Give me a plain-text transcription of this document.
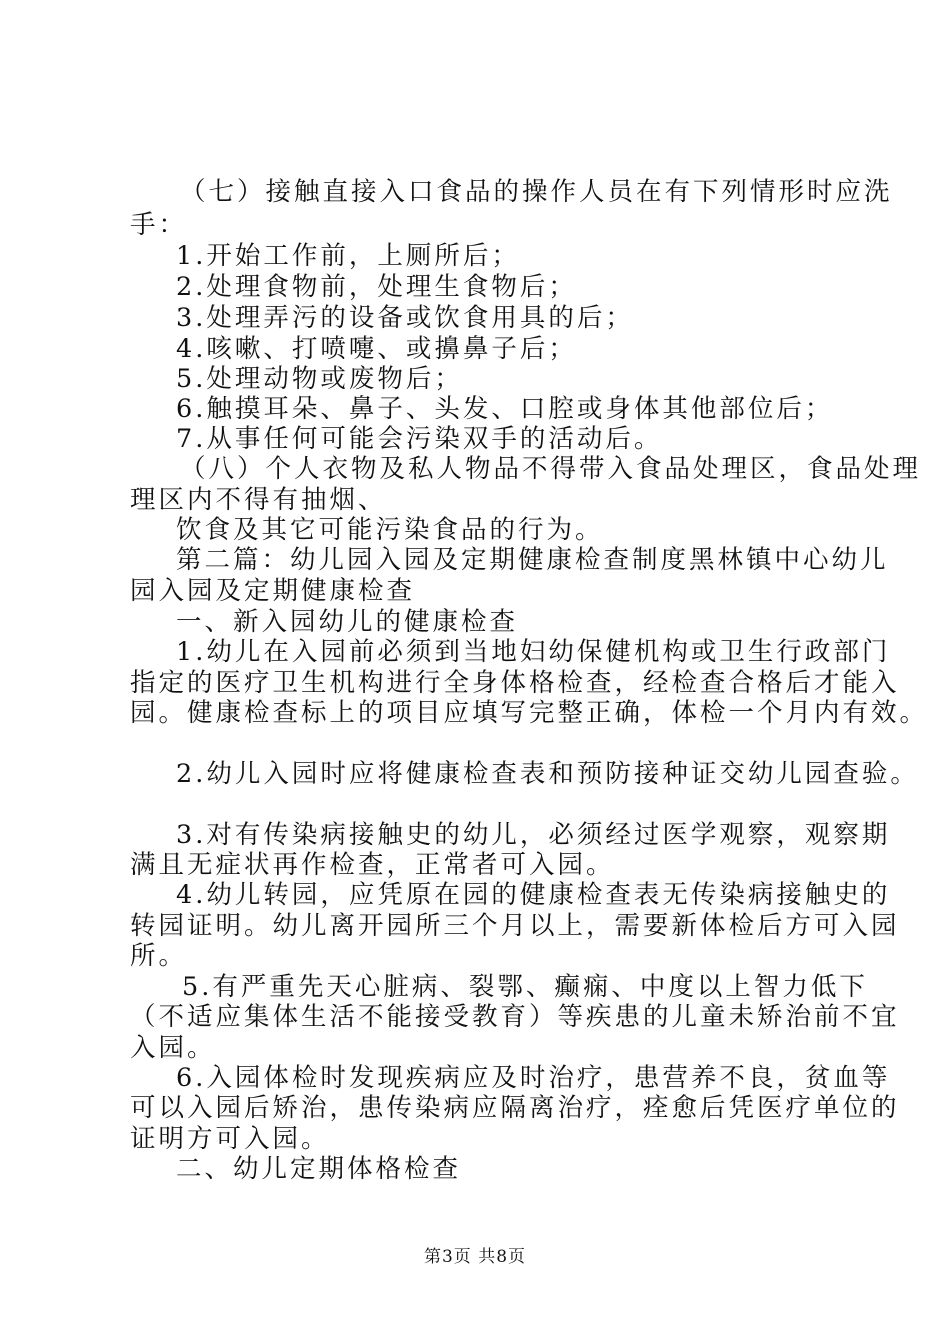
（七）接触直接入口食品的操作人员在有下列情形时应洗
手：
1.开始工作前，上厕所后；
2.处理食物前，处理生食物后；
3.处理弄污的设备或饮食用具的后；
4.咳嗽、打喷嚏、或擤鼻子后；
5.处理动物或废物后；
6.触摸耳朵、鼻子、头发、口腔或身体其他部位后；
7.从事任何可能会污染双手的活动后。
（八）个人衣物及私人物品不得带入食品处理区，食品处理
理区内不得有抽烟、
饮食及其它可能污染食品的行为。
第二篇：幼儿园入园及定期健康检查制度黑林镇中心幼儿
园入园及定期健康检查
一、新入园幼儿的健康检查
1.幼儿在入园前必须到当地妇幼保健机构或卫生行政部门
指定的医疗卫生机构进行全身体格检查，经检查合格后才能入
园。健康检查标上的项目应填写完整正确，体检一个月内有效。
2.幼儿入园时应将健康检查表和预防接种证交幼儿园查验。
3.对有传染病接触史的幼儿，必须经过医学观察，观察期
满且无症状再作检查，正常者可入园。
4.幼儿转园，应凭原在园的健康检查表无传染病接触史的
转园证明。幼儿离开园所三个月以上，需要新体检后方可入园
所。
5.有严重先天心脏病、裂鄂、癫痫、中度以上智力低下
（不适应集体生活不能接受教育）等疾患的儿童未矫治前不宜
入园。
6.入园体检时发现疾病应及时治疗，患营养不良，贫血等
可以入园后矫治，患传染病应隔离治疗，痊愈后凭医疗单位的
证明方可入园。
二、幼儿定期体格检查
第3页 共8页
